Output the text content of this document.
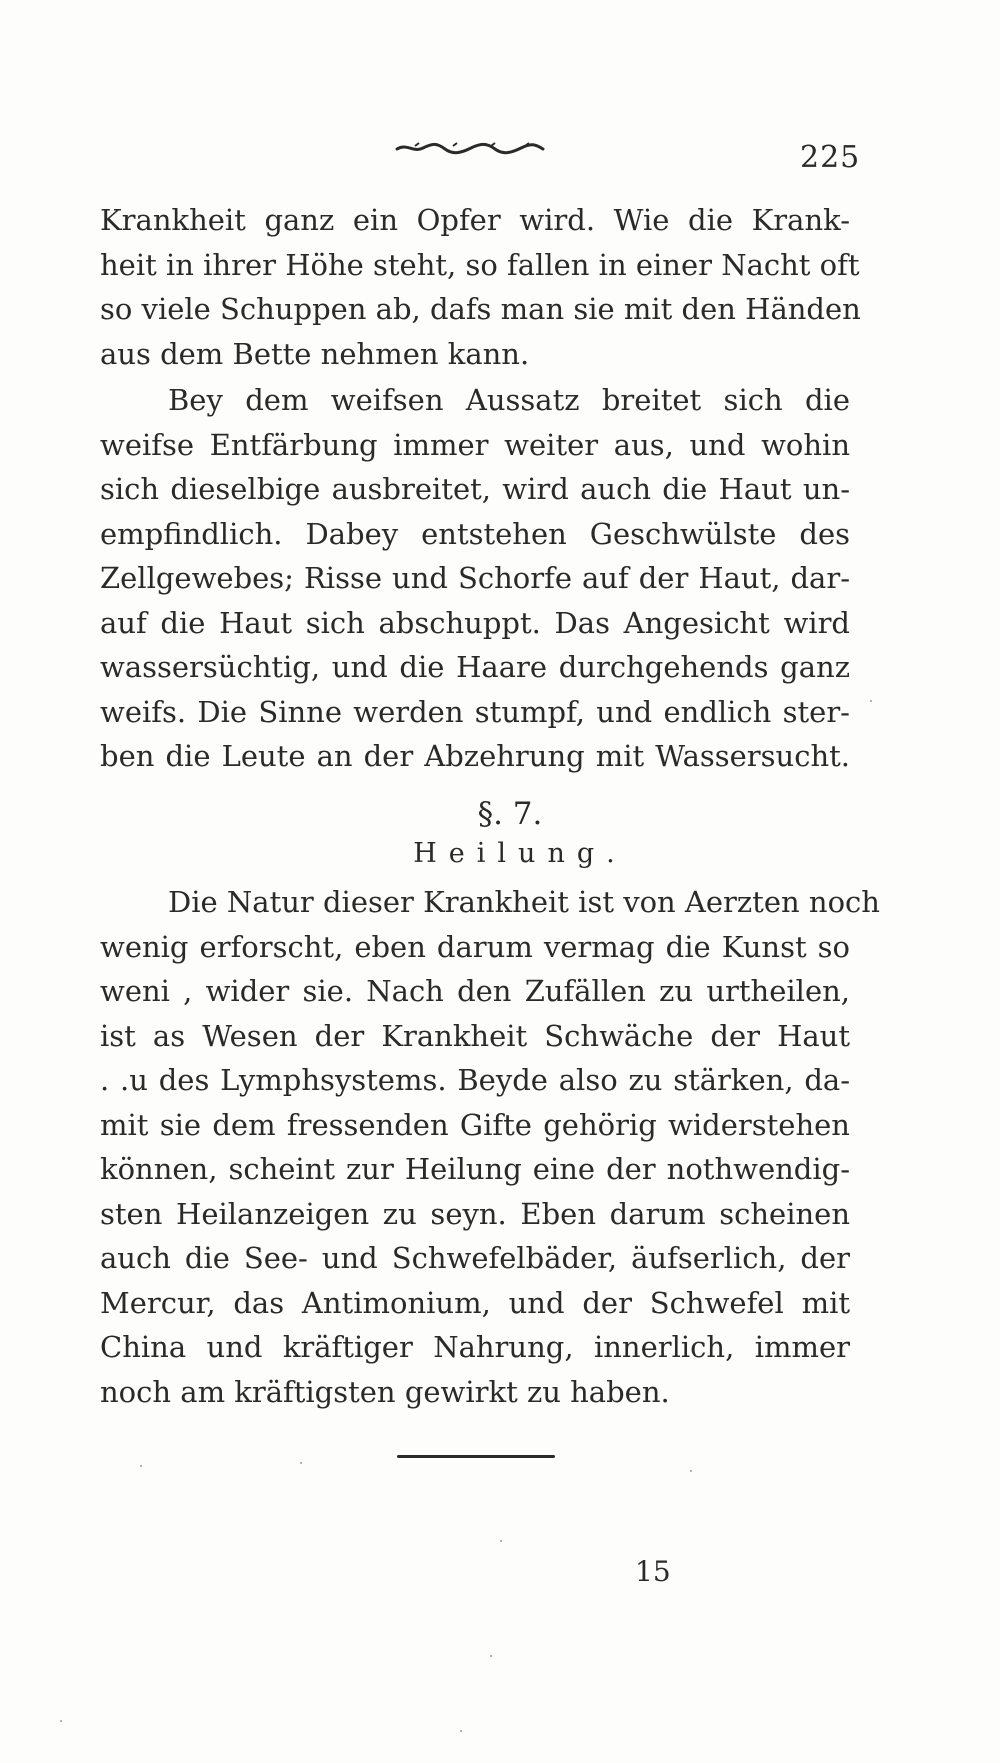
225
Krankheit ganz ein Opfer wird. Wie die Krank-
heit in ihrer Höhe steht, so fallen in einer Nacht oft
so viele Schuppen ab, dafs man sie mit den Händen
aus dem Bette nehmen kann.
Bey dem weifsen Aussatz breitet sich die
weifse Entfärbung immer weiter aus, und wohin
sich dieselbige ausbreitet, wird auch die Haut un-
empfindlich. Dabey entstehen Geschwülste des
Zellgewebes; Risse und Schorfe auf der Haut, dar-
auf die Haut sich abschuppt. Das Angesicht wird
wassersüchtig, und die Haare durchgehends ganz
weifs. Die Sinne werden stumpf, und endlich ster-
ben die Leute an der Abzehrung mit Wassersucht.
§. 7.
Heilung.
Die Natur dieser Krankheit ist von Aerzten noch
wenig erforscht, eben darum vermag die Kunst so
weni , wider sie. Nach den Zufällen zu urtheilen,
ist as Wesen der Krankheit Schwäche der Haut
. .u des Lymphsystems. Beyde also zu stärken, da-
mit sie dem fressenden Gifte gehörig widerstehen
können, scheint zur Heilung eine der nothwendig-
sten Heilanzeigen zu seyn. Eben darum scheinen
auch die See- und Schwefelbäder, äufserlich, der
Mercur, das Antimonium, und der Schwefel mit
China und kräftiger Nahrung, innerlich, immer
noch am kräftigsten gewirkt zu haben.
15
